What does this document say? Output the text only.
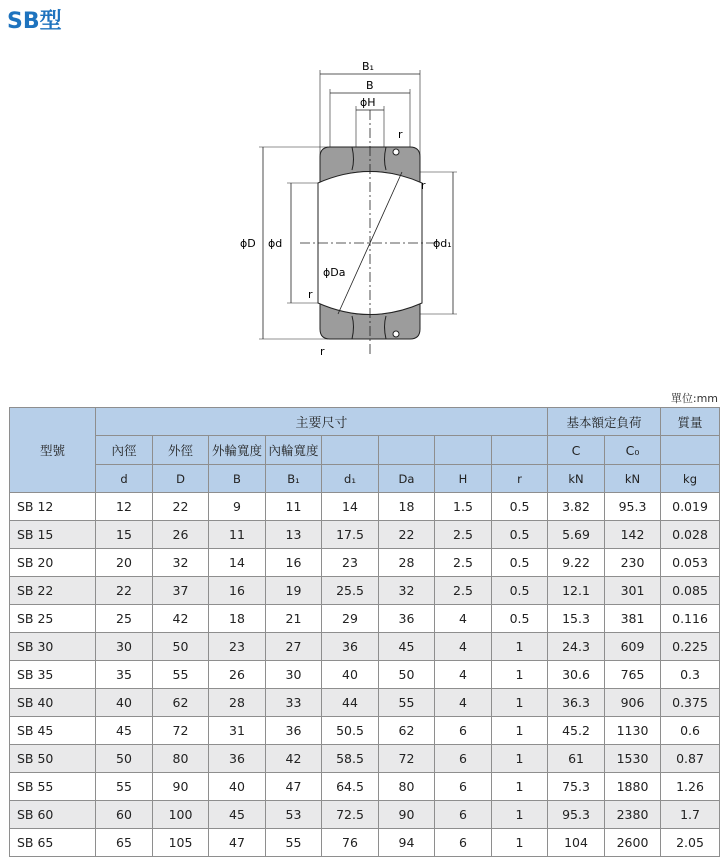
SB型
B₁
B
ϕH
r
r
r
r
ϕD ϕd	ϕd₁
ϕDa
單位:mm
型號	主要尺寸								基本額定負荷		質量
	內徑	外徑	外輪寬度	內輪寬度					C	C₀	
	d	D	B	B₁	d₁	Da	H	r	kN	kN	kg
SB 12	12	22	9	11	14	18	1.5	0.5	3.82	95.3	0.019
SB 15	15	26	11	13	17.5	22	2.5	0.5	5.69	142	0.028
SB 20	20	32	14	16	23	28	2.5	0.5	9.22	230	0.053
SB 22	22	37	16	19	25.5	32	2.5	0.5	12.1	301	0.085
SB 25	25	42	18	21	29	36	4	0.5	15.3	381	0.116
SB 30	30	50	23	27	36	45	4	1	24.3	609	0.225
SB 35	35	55	26	30	40	50	4	1	30.6	765	0.3
SB 40	40	62	28	33	44	55	4	1	36.3	906	0.375
SB 45	45	72	31	36	50.5	62	6	1	45.2	1130	0.6
SB 50	50	80	36	42	58.5	72	6	1	61	1530	0.87
SB 55	55	90	40	47	64.5	80	6	1	75.3	1880	1.26
SB 60	60	100	45	53	72.5	90	6	1	95.3	2380	1.7
SB 65	65	105	47	55	76	94	6	1	104	2600	2.05
